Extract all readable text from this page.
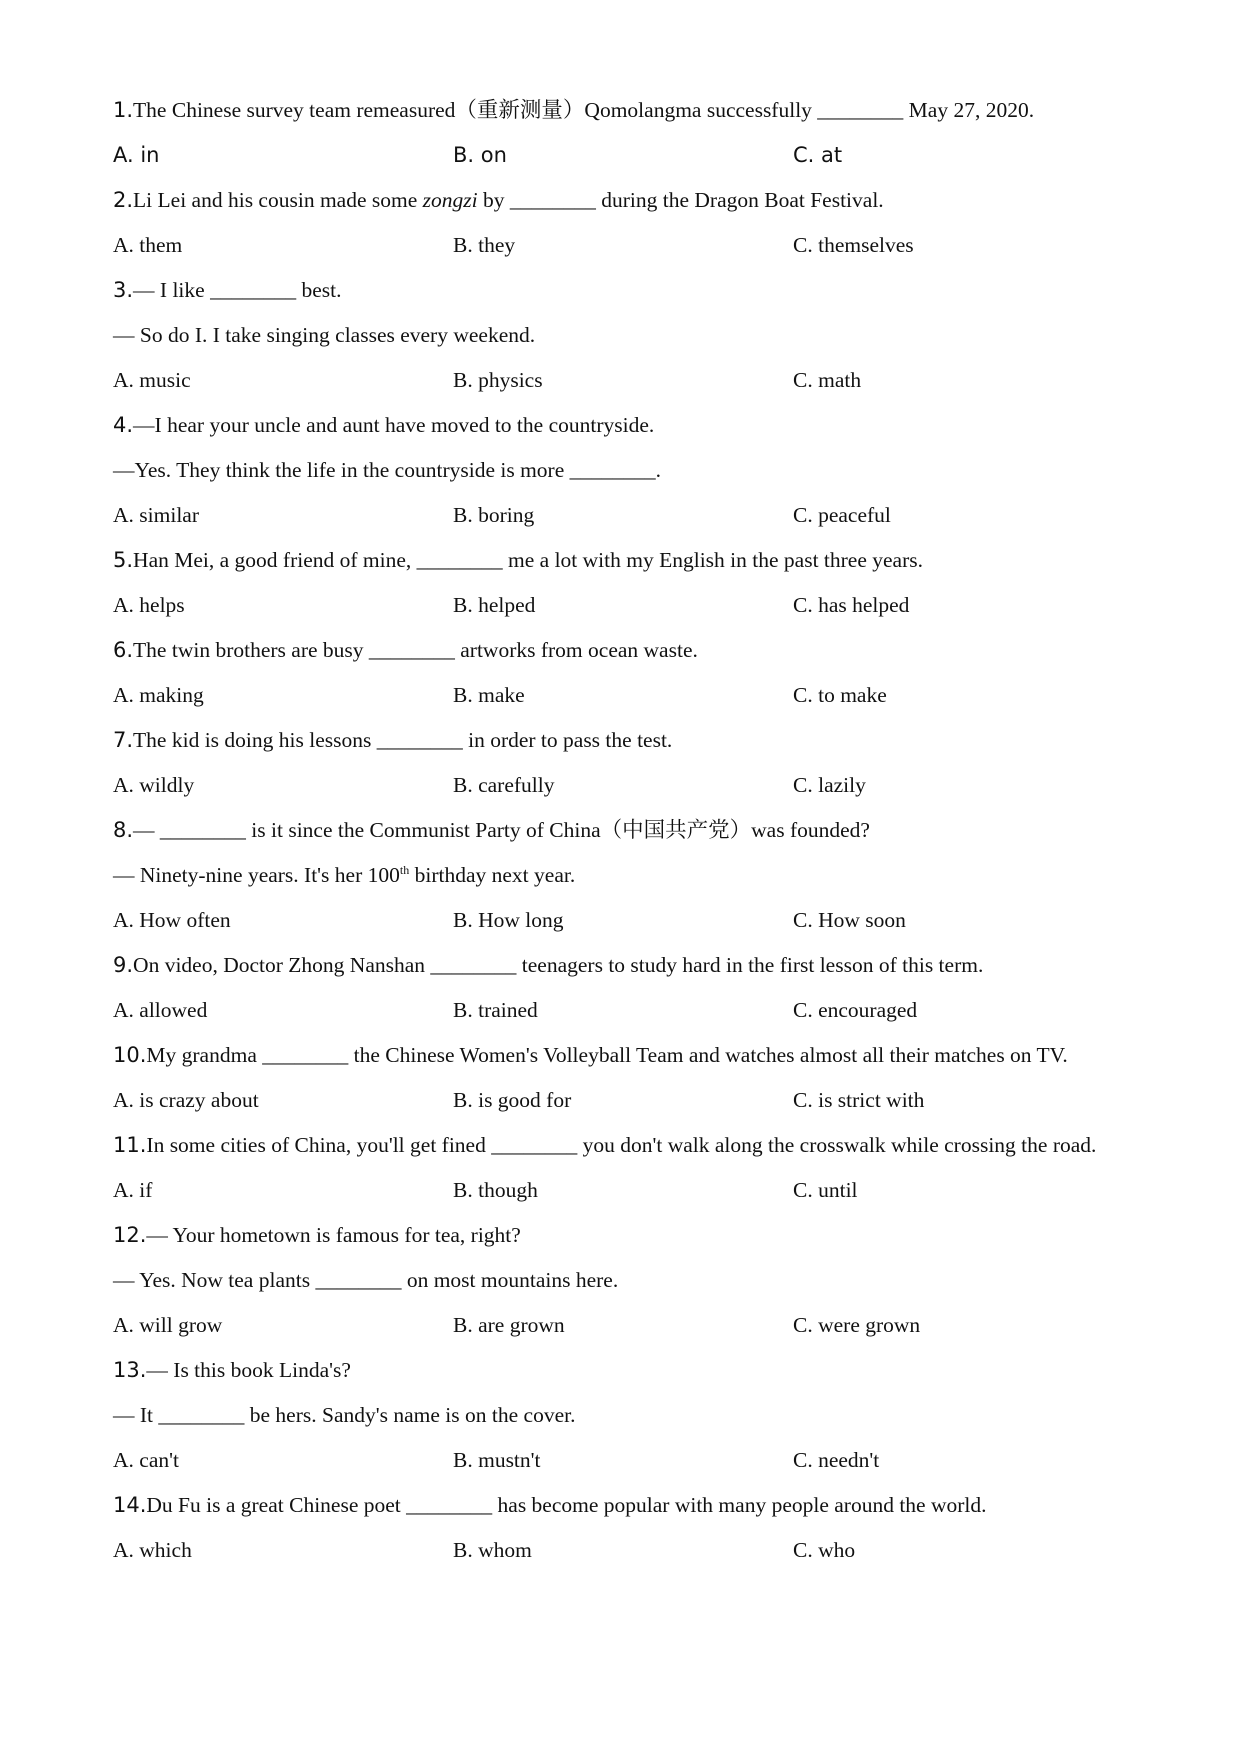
1.The Chinese survey team remeasured（重新测量）Qomolangma successfully ________ May 27, 2020.
A. in	B. on	C. at
2.Li Lei and his cousin made some zongzi by ________ during the Dragon Boat Festival.
A. them	B. they	C. themselves
3.— I like ________ best.
— So do I. I take singing classes every weekend.
A. music	B. physics	C. math
4.—I hear your uncle and aunt have moved to the countryside.
—Yes. They think the life in the countryside is more ________.
A. similar	B. boring	C. peaceful
5.Han Mei, a good friend of mine, ________ me a lot with my English in the past three years.
A. helps	B. helped	C. has helped
6.The twin brothers are busy ________ artworks from ocean waste.
A. making	B. make	C. to make
7.The kid is doing his lessons ________ in order to pass the test.
A. wildly	B. carefully	C. lazily
8.— ________ is it since the Communist Party of China（中国共产党）was founded?
— Ninety-nine years. It's her 100th birthday next year.
A. How often	B. How long	C. How soon
9.On video, Doctor Zhong Nanshan ________ teenagers to study hard in the first lesson of this term.
A. allowed	B. trained	C. encouraged
10.My grandma ________ the Chinese Women's Volleyball Team and watches almost all their matches on TV.
A. is crazy about	B. is good for	C. is strict with
11.In some cities of China, you'll get fined ________ you don't walk along the crosswalk while crossing the road.
A. if	B. though	C. until
12.— Your hometown is famous for tea, right?
— Yes. Now tea plants ________ on most mountains here.
A. will grow	B. are grown	C. were grown
13.— Is this book Linda's?
— It ________ be hers. Sandy's name is on the cover.
A. can't	B. mustn't	C. needn't
14.Du Fu is a great Chinese poet ________ has become popular with many people around the world.
A. which	B. whom	C. who
